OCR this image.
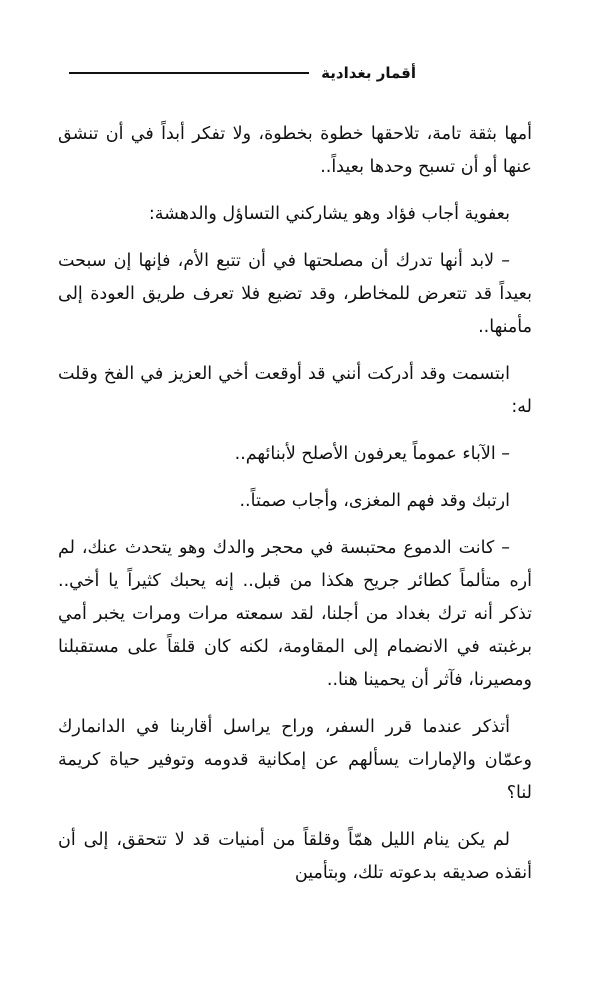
أقمار بغدادية

أمها بثقة تامة، تلاحقها خطوة بخطوة، ولا تفكر أبداً في أن تنشق عنها أو أن تسبح وحدها بعيداً..

بعفوية أجاب فؤاد وهو يشاركني التساؤل والدهشة:

– لابد أنها تدرك أن مصلحتها في أن تتبع الأم، فإنها إن سبحت بعيداً قد تتعرض للمخاطر، وقد تضيع فلا تعرف طريق العودة إلى مأمنها..

ابتسمت وقد أدركت أنني قد أوقعت أخي العزيز في الفخ وقلت له:

– الآباء عموماً يعرفون الأصلح لأبنائهم..

ارتبك وقد فهم المغزى، وأجاب صمتاً..

– كانت الدموع محتبسة في محجر والدك وهو يتحدث عنك، لم أره متألماً كطائر جريح هكذا من قبل.. إنه يحبك كثيراً يا أخي.. تذكر أنه ترك بغداد من أجلنا، لقد سمعته مرات ومرات يخبر أمي برغبته في الانضمام إلى المقاومة، لكنه كان قلقاً على مستقبلنا ومصيرنا، فآثر أن يحمينا هنا..

أتذكر عندما قرر السفر، وراح يراسل أقاربنا في الدانمارك وعمّان والإمارات يسألهم عن إمكانية قدومه وتوفير حياة كريمة لنا؟

لم يكن ينام الليل همّاً وقلقاً من أمنيات قد لا تتحقق، إلى أن أنقذه صديقه بدعوته تلك، وبتأمين
